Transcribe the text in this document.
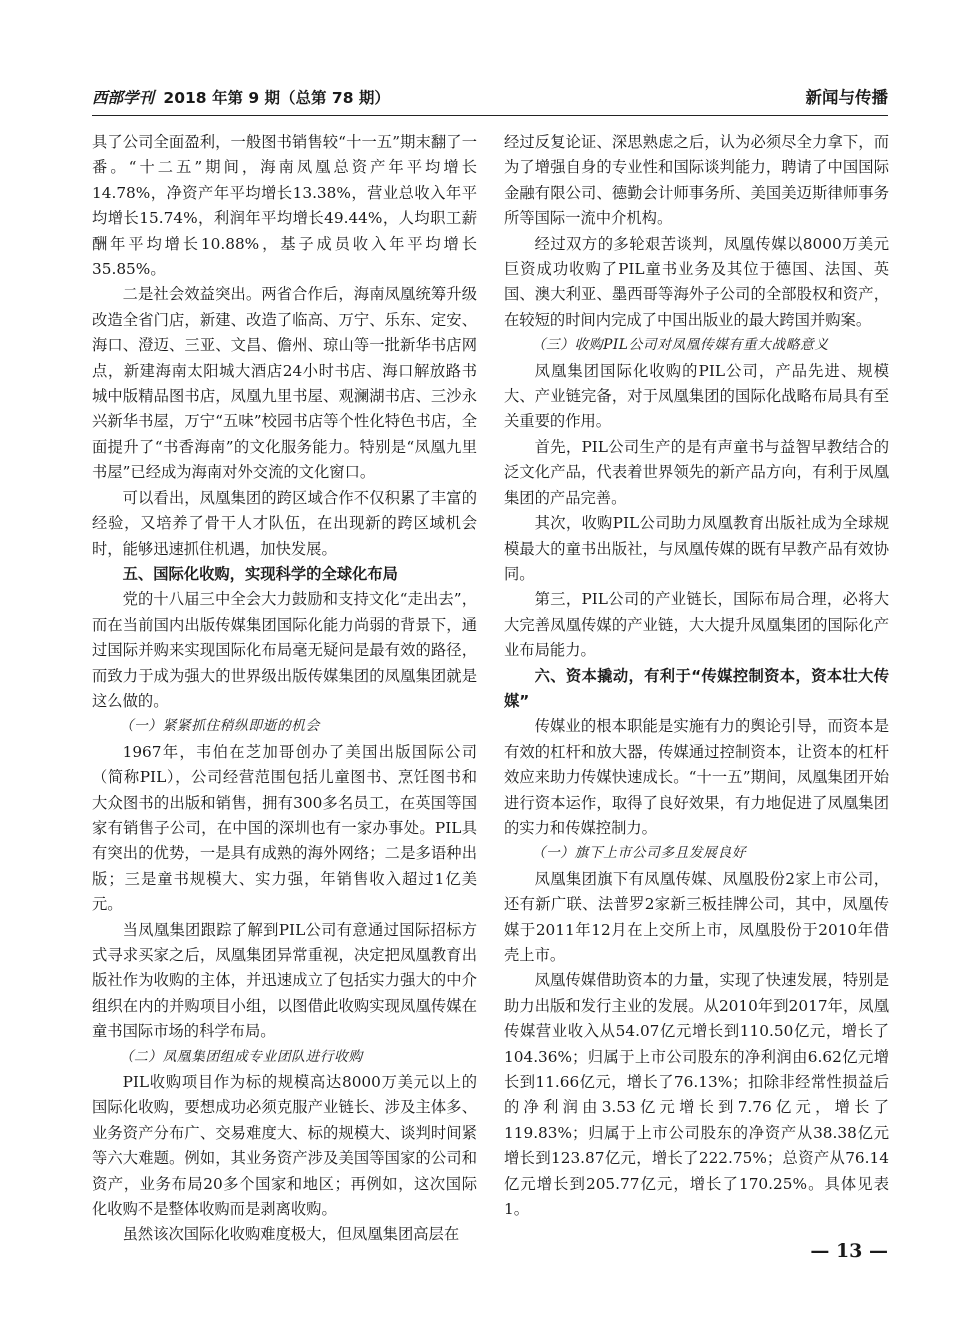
西部学刊 2018 年第 9 期（总第 78 期）	新闻与传播

具了公司全面盈利，一般图书销售较“十一五”期末翻了一番。“十二五”期间，海南凤凰总资产年平均增长14.78%，净资产年平均增长13.38%，营业总收入年平均增长15.74%，利润年平均增长49.44%，人均职工薪酬年平均增长10.88%，基子成员收入年平均增长35.85%。

二是社会效益突出。两省合作后，海南凤凰统筹升级改造全省门店，新建、改造了临高、万宁、乐东、定安、海口、澄迈、三亚、文昌、儋州、琼山等一批新华书店网点，新建海南太阳城大酒店24小时书店、海口解放路书城中版精品图书店，凤凰九里书屋、观澜湖书店、三沙永兴新华书屋，万宁“五味”校园书店等个性化特色书店，全面提升了“书香海南”的文化服务能力。特别是“凤凰九里书屋”已经成为海南对外交流的文化窗口。

可以看出，凤凰集团的跨区域合作不仅积累了丰富的经验，又培养了骨干人才队伍，在出现新的跨区域机会时，能够迅速抓住机遇，加快发展。

五、国际化收购，实现科学的全球化布局

党的十八届三中全会大力鼓励和支持文化“走出去”，而在当前国内出版传媒集团国际化能力尚弱的背景下，通过国际并购来实现国际化布局毫无疑问是最有效的路径，而致力于成为强大的世界级出版传媒集团的凤凰集团就是这么做的。

（一）紧紧抓住稍纵即逝的机会

1967年，韦伯在芝加哥创办了美国出版国际公司（简称PIL），公司经营范围包括儿童图书、烹饪图书和大众图书的出版和销售，拥有300多名员工，在英国等国家有销售子公司，在中国的深圳也有一家办事处。PIL具有突出的优势，一是具有成熟的海外网络；二是多语种出版；三是童书规模大、实力强，年销售收入超过1亿美元。

当凤凰集团跟踪了解到PIL公司有意通过国际招标方式寻求买家之后，凤凰集团异常重视，决定把凤凰教育出版社作为收购的主体，并迅速成立了包括实力强大的中介组织在内的并购项目小组，以图借此收购实现凤凰传媒在童书国际市场的科学布局。

（二）凤凰集团组成专业团队进行收购

PIL收购项目作为标的规模高达8000万美元以上的国际化收购，要想成功必须克服产业链长、涉及主体多、业务资产分布广、交易难度大、标的规模大、谈判时间紧等六大难题。例如，其业务资产涉及美国等国家的公司和资产，业务布局20多个国家和地区；再例如，这次国际化收购不是整体收购而是剥离收购。

虽然该次国际化收购难度极大，但凤凰集团高层在

经过反复论证、深思熟虑之后，认为必须尽全力拿下，而为了增强自身的专业性和国际谈判能力，聘请了中国国际金融有限公司、德勤会计师事务所、美国美迈斯律师事务所等国际一流中介机构。

经过双方的多轮艰苦谈判，凤凰传媒以8000万美元巨资成功收购了PIL童书业务及其位于德国、法国、英国、澳大利亚、墨西哥等海外子公司的全部股权和资产，在较短的时间内完成了中国出版业的最大跨国并购案。

（三）收购PIL公司对凤凰传媒有重大战略意义

凤凰集团国际化收购的PIL公司，产品先进、规模大、产业链完备，对于凤凰集团的国际化战略布局具有至关重要的作用。

首先，PIL公司生产的是有声童书与益智早教结合的泛文化产品，代表着世界领先的新产品方向，有利于凤凰集团的产品完善。

其次，收购PIL公司助力凤凰教育出版社成为全球规模最大的童书出版社，与凤凰传媒的既有早教产品有效协同。

第三，PIL公司的产业链长，国际布局合理，必将大大完善凤凰传媒的产业链，大大提升凤凰集团的国际化产业布局能力。

六、资本撬动，有利于“传媒控制资本，资本壮大传媒”

传媒业的根本职能是实施有力的舆论引导，而资本是有效的杠杆和放大器，传媒通过控制资本，让资本的杠杆效应来助力传媒快速成长。“十一五”期间，凤凰集团开始进行资本运作，取得了良好效果，有力地促进了凤凰集团的实力和传媒控制力。

（一）旗下上市公司多且发展良好

凤凰集团旗下有凤凰传媒、凤凰股份2家上市公司，还有新广联、法普罗2家新三板挂牌公司，其中，凤凰传媒于2011年12月在上交所上市，凤凰股份于2010年借壳上市。

凤凰传媒借助资本的力量，实现了快速发展，特别是助力出版和发行主业的发展。从2010年到2017年，凤凰传媒营业收入从54.07亿元增长到110.50亿元，增长了104.36%；归属于上市公司股东的净利润由6.62亿元增长到11.66亿元，增长了76.13%；扣除非经常性损益后的净利润由3.53亿元增长到7.76亿元，增长了119.83%；归属于上市公司股东的净资产从38.38亿元增长到123.87亿元，增长了222.75%；总资产从76.14亿元增长到205.77亿元，增长了170.25%。具体见表1。

— 13 —
